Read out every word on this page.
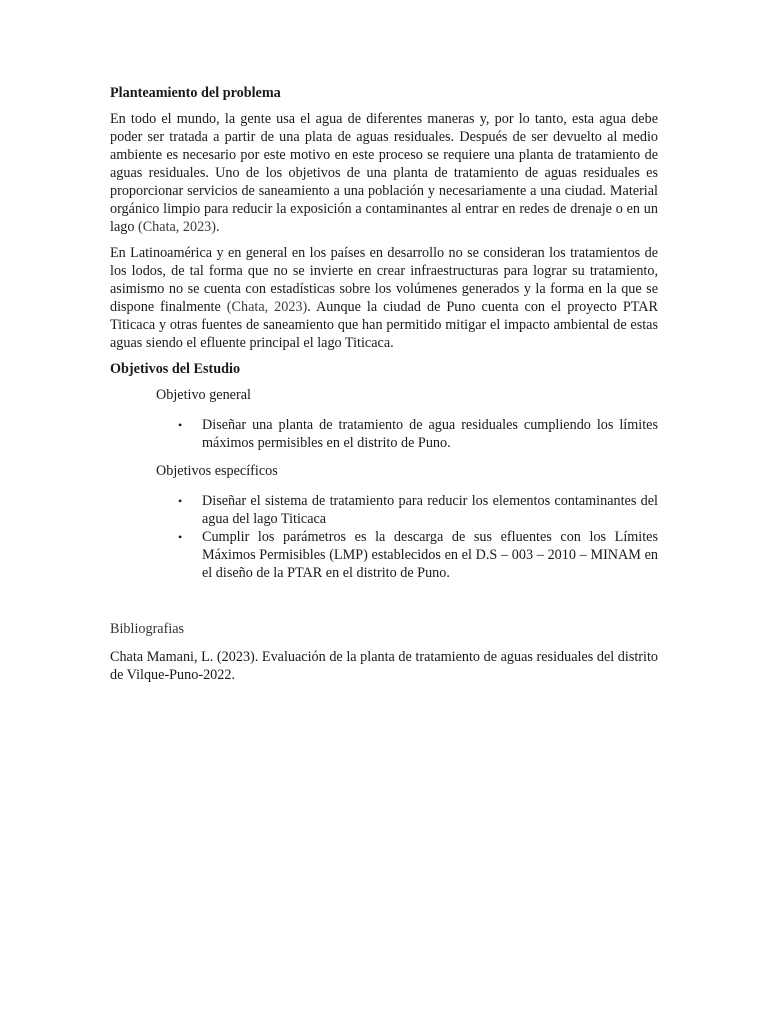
Planteamiento del problema

En todo el mundo, la gente usa el agua de diferentes maneras y, por lo tanto, esta agua debe poder ser tratada a partir de una plata de aguas residuales. Después de ser devuelto al medio ambiente es necesario por este motivo en este proceso se requiere una planta de tratamiento de aguas residuales. Uno de los objetivos de una planta de tratamiento de aguas residuales es proporcionar servicios de saneamiento a una población y necesariamente a una ciudad. Material orgánico limpio para reducir la exposición a contaminantes al entrar en redes de drenaje o en un lago (Chata, 2023).

En Latinoamérica y en general en los países en desarrollo no se consideran los tratamientos de los lodos, de tal forma que no se invierte en crear infraestructuras para lograr su tratamiento, asimismo no se cuenta con estadísticas sobre los volúmenes generados y la forma en la que se dispone finalmente (Chata, 2023). Aunque la ciudad de Puno cuenta con el proyecto PTAR Titicaca y otras fuentes de saneamiento que han permitido mitigar el impacto ambiental de estas aguas siendo el efluente principal el lago Titicaca.

Objetivos del Estudio
Objetivo general
• Diseñar una planta de tratamiento de agua residuales cumpliendo los límites máximos permisibles en el distrito de Puno.
Objetivos específicos
• Diseñar el sistema de tratamiento para reducir los elementos contaminantes del agua del lago Titicaca
• Cumplir los parámetros es la descarga de sus efluentes con los Límites Máximos Permisibles (LMP) establecidos en el D.S – 003 – 2010 – MINAM en el diseño de la PTAR en el distrito de Puno.
Bibliografias

Chata Mamani, L. (2023). Evaluación de la planta de tratamiento de aguas residuales del distrito de Vilque-Puno-2022.
